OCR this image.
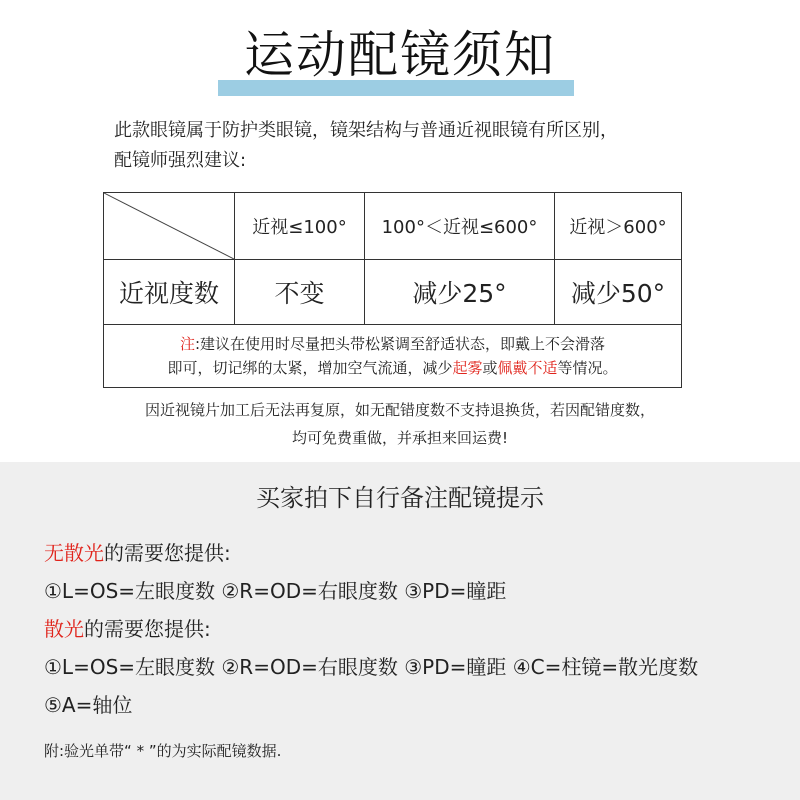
运动配镜须知
此款眼镜属于防护类眼镜，镜架结构与普通近视眼镜有所区别，
配镜师强烈建议:
	近视≤100°	100°＜近视≤600°	近视＞600°
近视度数	不变	减少25°	减少50°

注:建议在使用时尽量把头带松紧调至舒适状态，即戴上不会滑落
即可，切记绑的太紧，增加空气流通，减少起雾或佩戴不适等情况。			
因近视镜片加工后无法再复原，如无配错度数不支持退换货，若因配错度数，
均可免费重做，并承担来回运费!
买家拍下自行备注配镜提示
无散光的需要您提供:
①L=OS=左眼度数 ②R=OD=右眼度数 ③PD=瞳距
散光的需要您提供:
①L=OS=左眼度数 ②R=OD=右眼度数 ③PD=瞳距 ④C=柱镜=散光度数
⑤A=轴位
附:验光单带“ * ”的为实际配镜数据.
